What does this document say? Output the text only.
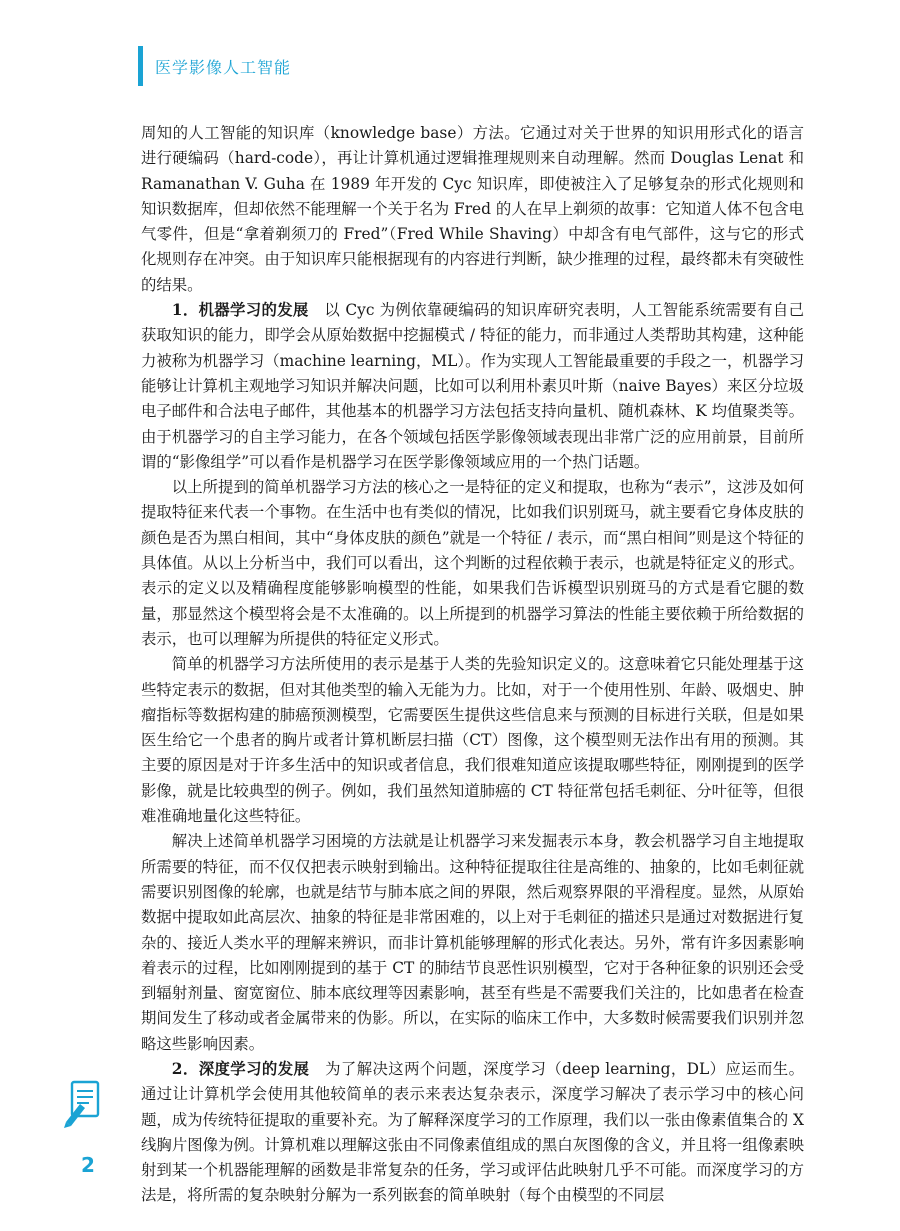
医学影像人工智能

周知的人工智能的知识库（knowledge base）方法。它通过对关于世界的知识用形式化的语言进行硬编码（hard-code），再让计算机通过逻辑推理规则来自动理解。然而 Douglas Lenat 和 Ramanathan V. Guha 在 1989 年开发的 Cyc 知识库，即使被注入了足够复杂的形式化规则和知识数据库，但却依然不能理解一个关于名为 Fred 的人在早上剃须的故事：它知道人体不包含电气零件，但是“拿着剃须刀的 Fred”（Fred While Shaving）中却含有电气部件，这与它的形式化规则存在冲突。由于知识库只能根据现有的内容进行判断，缺少推理的过程，最终都未有突破性的结果。

1．机器学习的发展　 以 Cyc 为例依靠硬编码的知识库研究表明，人工智能系统需要有自己获取知识的能力，即学会从原始数据中挖掘模式 / 特征的能力，而非通过人类帮助其构建，这种能力被称为机器学习（machine learning，ML）。作为实现人工智能最重要的手段之一，机器学习能够让计算机主观地学习知识并解决问题，比如可以利用朴素贝叶斯（naive Bayes）来区分垃圾电子邮件和合法电子邮件，其他基本的机器学习方法包括支持向量机、随机森林、K 均值聚类等。由于机器学习的自主学习能力，在各个领域包括医学影像领域表现出非常广泛的应用前景，目前所谓的“影像组学”可以看作是机器学习在医学影像领域应用的一个热门话题。

以上所提到的简单机器学习方法的核心之一是特征的定义和提取，也称为“表示”，这涉及如何提取特征来代表一个事物。在生活中也有类似的情况，比如我们识别斑马，就主要看它身体皮肤的颜色是否为黑白相间，其中“身体皮肤的颜色”就是一个特征 / 表示，而“黑白相间”则是这个特征的具体值。从以上分析当中，我们可以看出，这个判断的过程依赖于表示，也就是特征定义的形式。表示的定义以及精确程度能够影响模型的性能，如果我们告诉模型识别斑马的方式是看它腿的数量，那显然这个模型将会是不太准确的。以上所提到的机器学习算法的性能主要依赖于所给数据的表示，也可以理解为所提供的特征定义形式。

简单的机器学习方法所使用的表示是基于人类的先验知识定义的。这意味着它只能处理基于这些特定表示的数据，但对其他类型的输入无能为力。比如，对于一个使用性别、年龄、吸烟史、肿瘤指标等数据构建的肺癌预测模型，它需要医生提供这些信息来与预测的目标进行关联，但是如果医生给它一个患者的胸片或者计算机断层扫描（CT）图像，这个模型则无法作出有用的预测。其主要的原因是对于许多生活中的知识或者信息，我们很难知道应该提取哪些特征，刚刚提到的医学影像，就是比较典型的例子。例如，我们虽然知道肺癌的 CT 特征常包括毛刺征、分叶征等，但很难准确地量化这些特征。

解决上述简单机器学习困境的方法就是让机器学习来发掘表示本身，教会机器学习自主地提取所需要的特征，而不仅仅把表示映射到输出。这种特征提取往往是高维的、抽象的，比如毛刺征就需要识别图像的轮廓，也就是结节与肺本底之间的界限，然后观察界限的平滑程度。显然，从原始数据中提取如此高层次、抽象的特征是非常困难的，以上对于毛刺征的描述只是通过对数据进行复杂的、接近人类水平的理解来辨识，而非计算机能够理解的形式化表达。另外，常有许多因素影响着表示的过程，比如刚刚提到的基于 CT 的肺结节良恶性识别模型，它对于各种征象的识别还会受到辐射剂量、窗宽窗位、肺本底纹理等因素影响，甚至有些是不需要我们关注的，比如患者在检查期间发生了移动或者金属带来的伪影。所以，在实际的临床工作中，大多数时候需要我们识别并忽略这些影响因素。

2．深度学习的发展　 为了解决这两个问题，深度学习（deep learning，DL）应运而生。通过让计算机学会使用其他较简单的表示来表达复杂表示，深度学习解决了表示学习中的核心问题，成为传统特征提取的重要补充。为了解释深度学习的工作原理，我们以一张由像素值集合的 X 线胸片图像为例。计算机难以理解这张由不同像素值组成的黑白灰图像的含义，并且将一组像素映射到某一个机器能理解的函数是非常复杂的任务，学习或评估此映射几乎不可能。而深度学习的方法是，将所需的复杂映射分解为一系列嵌套的简单映射（每个由模型的不同层

2
